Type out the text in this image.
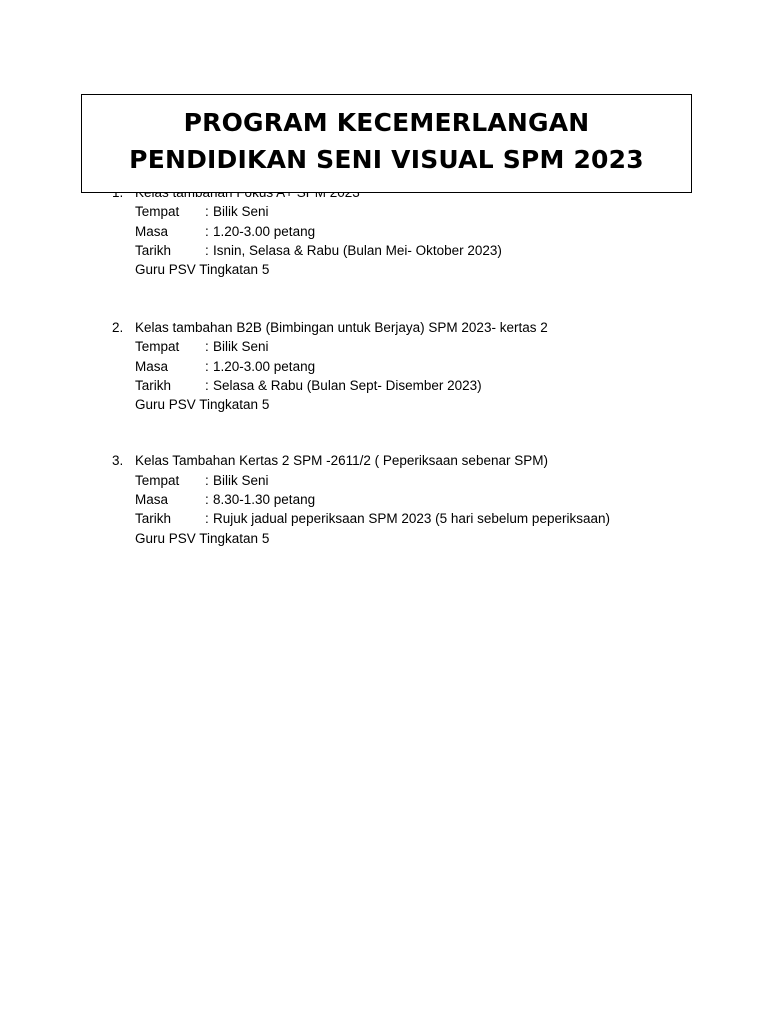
Tempat	: Bilik Seni
Masa	: 1.20-3.00 petang
Tarikh	: Isnin, Selasa & Rabu (Bulan Mei- Oktober 2023)
Guru PSV Tingkatan 5
2. Kelas tambahan B2B (Bimbingan untuk Berjaya) SPM 2023- kertas 2
Tempat	: Bilik Seni
Masa	: 1.20-3.00 petang
Tarikh	: Selasa & Rabu (Bulan Sept- Disember 2023)
Guru PSV Tingkatan 5
3. Kelas Tambahan Kertas 2 SPM -2611/2 ( Peperiksaan sebenar SPM)
Tempat	: Bilik Seni
Masa	: 8.30-1.30 petang
Tarikh	: Rujuk jadual peperiksaan SPM 2023 (5 hari sebelum peperiksaan)
Guru PSV Tingkatan 5
PROGRAM KECEMERLANGAN
PENDIDIKAN SENI VISUAL SPM 2023
